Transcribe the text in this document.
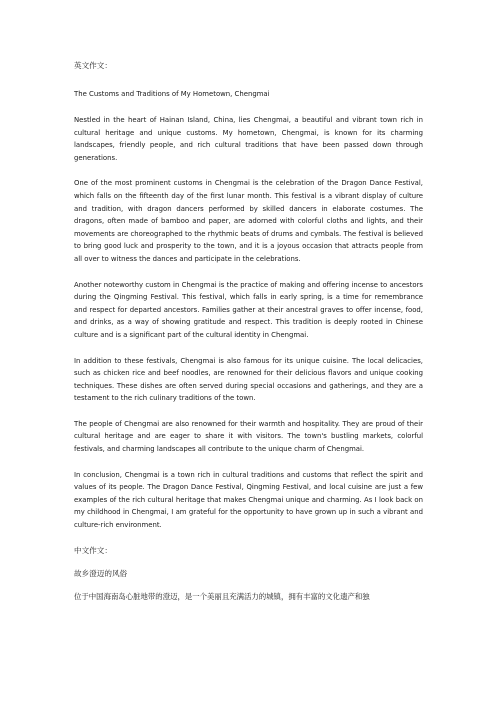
英文作文：
The Customs and Traditions of My Hometown, Chengmai

Nestled in the heart of Hainan Island, China, lies Chengmai, a beautiful and vibrant town rich in cultural heritage and unique customs. My hometown, Chengmai, is known for its charming landscapes, friendly people, and rich cultural traditions that have been passed down through generations.

One of the most prominent customs in Chengmai is the celebration of the Dragon Dance Festival, which falls on the fifteenth day of the first lunar month. This festival is a vibrant display of culture and tradition, with dragon dancers performed by skilled dancers in elaborate costumes. The dragons, often made of bamboo and paper, are adorned with colorful cloths and lights, and their movements are choreographed to the rhythmic beats of drums and cymbals. The festival is believed to bring good luck and prosperity to the town, and it is a joyous occasion that attracts people from all over to witness the dances and participate in the celebrations.

Another noteworthy custom in Chengmai is the practice of making and offering incense to ancestors during the Qingming Festival. This festival, which falls in early spring, is a time for remembrance and respect for departed ancestors. Families gather at their ancestral graves to offer incense, food, and drinks, as a way of showing gratitude and respect. This tradition is deeply rooted in Chinese culture and is a significant part of the cultural identity in Chengmai.

In addition to these festivals, Chengmai is also famous for its unique cuisine. The local delicacies, such as chicken rice and beef noodles, are renowned for their delicious flavors and unique cooking techniques. These dishes are often served during special occasions and gatherings, and they are a testament to the rich culinary traditions of the town.

The people of Chengmai are also renowned for their warmth and hospitality. They are proud of their cultural heritage and are eager to share it with visitors. The town's bustling markets, colorful festivals, and charming landscapes all contribute to the unique charm of Chengmai.

In conclusion, Chengmai is a town rich in cultural traditions and customs that reflect the spirit and values of its people. The Dragon Dance Festival, Qingming Festival, and local cuisine are just a few examples of the rich cultural heritage that makes Chengmai unique and charming. As I look back on my childhood in Chengmai, I am grateful for the opportunity to have grown up in such a vibrant and culture-rich environment.

中文作文：
故乡澄迈的风俗
位于中国海南岛心脏地带的澄迈，是一个美丽且充满活力的城镇，拥有丰富的文化遗产和独
